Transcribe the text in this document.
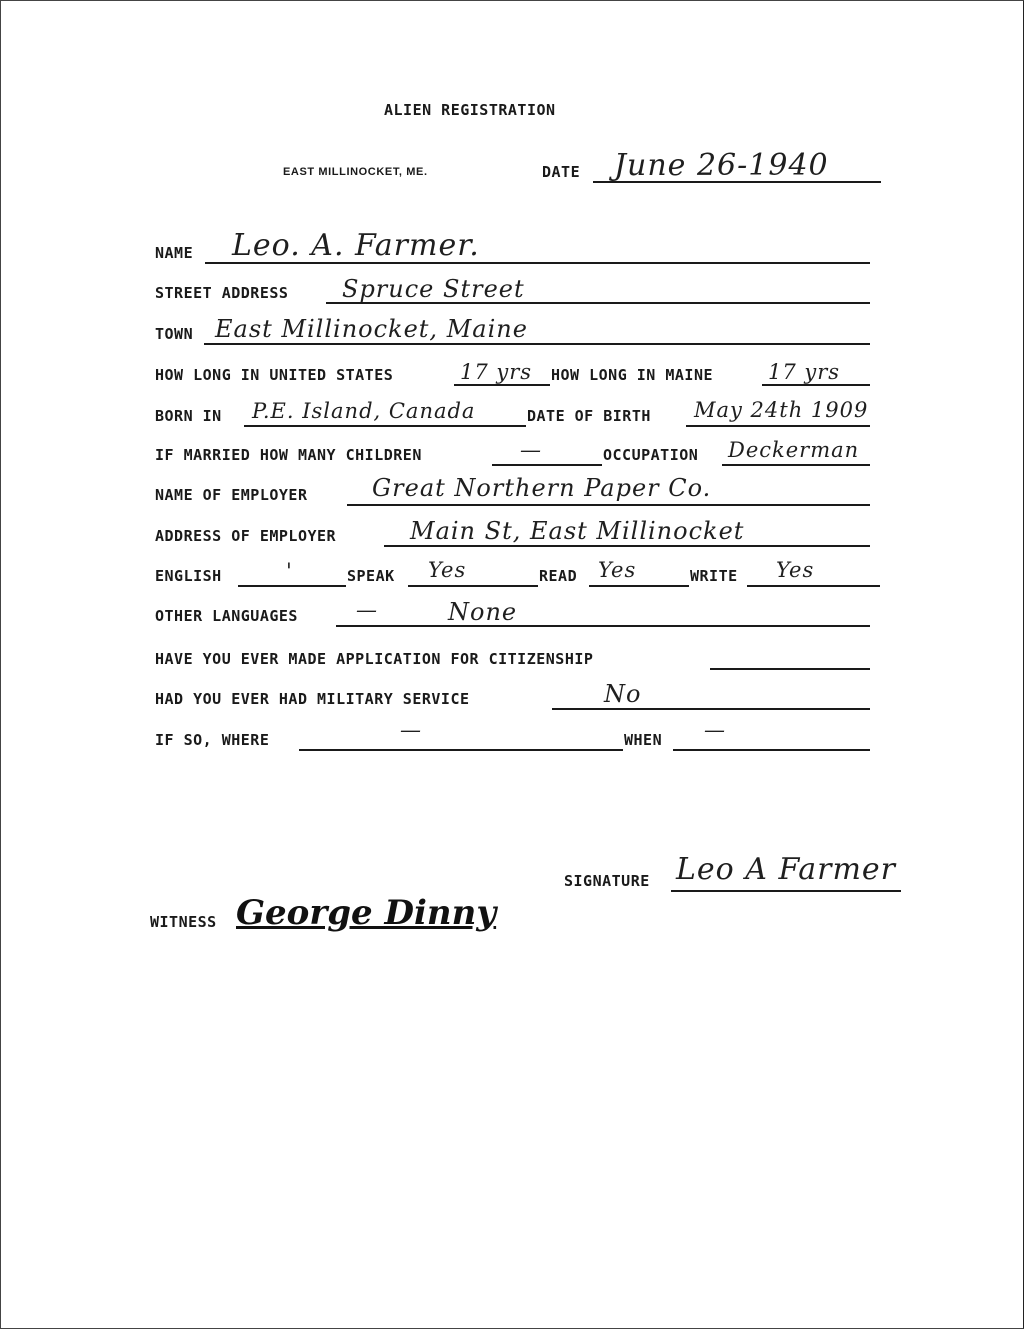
ALIEN REGISTRATION
EAST MILLINOCKET, ME.	DATE June 26-1940
NAME Leo. A. Farmer.
STREET ADDRESS Spruce Street
TOWN East Millinocket, Maine
HOW LONG IN UNITED STATES	17 yrs HOW LONG IN MAINE	17 yrs
BORN IN P.E. Island, Canada	DATE OF BIRTH May 24th 1909
IF MARRIED HOW MANY CHILDREN	—	OCCUPATION Deckerman
NAME OF EMPLOYER	Great Northern Paper Co.
ADDRESS OF EMPLOYER	Main St, East Millinocket
ENGLISH	'	SPEAK Yes	READ Yes	WRITE Yes
OTHER LANGUAGES	—	None
HAVE YOU EVER MADE APPLICATION FOR CITIZENSHIP
HAD YOU EVER HAD MILITARY SERVICE	No
IF SO, WHERE	—	WHEN —
SIGNATURE Leo A Farmer
WITNESS George Dinny
